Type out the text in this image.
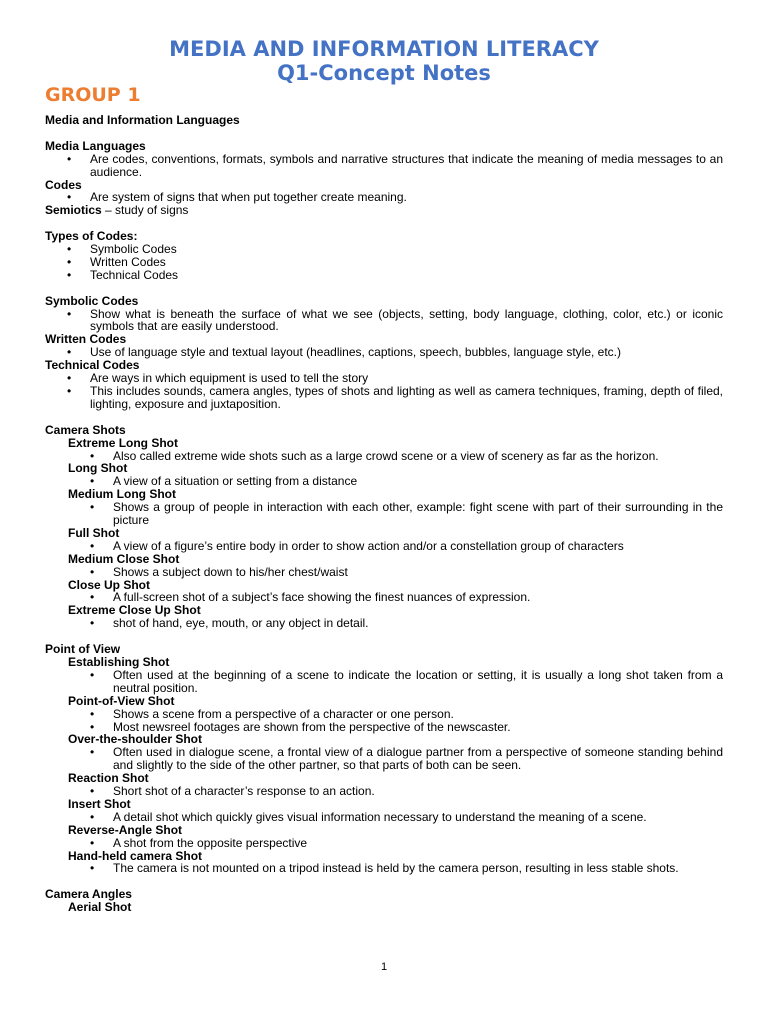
MEDIA AND INFORMATION LITERACY
Q1-Concept Notes
GROUP 1
Media and Information Languages
Media Languages
• Are codes, conventions, formats, symbols and narrative structures that indicate the meaning of media messages to an audience.
Codes
• Are system of signs that when put together create meaning.
Semiotics – study of signs
Types of Codes:
• Symbolic Codes
• Written Codes
• Technical Codes
Symbolic Codes
• Show what is beneath the surface of what we see (objects, setting, body language, clothing, color, etc.) or iconic symbols that are easily understood.
Written Codes
• Use of language style and textual layout (headlines, captions, speech, bubbles, language style, etc.)
Technical Codes
• Are ways in which equipment is used to tell the story
• This includes sounds, camera angles, types of shots and lighting as well as camera techniques, framing, depth of filed, lighting, exposure and juxtaposition.
Camera Shots
Extreme Long Shot
• Also called extreme wide shots such as a large crowd scene or a view of scenery as far as the horizon.
Long Shot
• A view of a situation or setting from a distance
Medium Long Shot
• Shows a group of people in interaction with each other, example: fight scene with part of their surrounding in the picture
Full Shot
• A view of a figure’s entire body in order to show action and/or a constellation group of characters
Medium Close Shot
• Shows a subject down to his/her chest/waist
Close Up Shot
• A full-screen shot of a subject’s face showing the finest nuances of expression.
Extreme Close Up Shot
• shot of hand, eye, mouth, or any object in detail.
Point of View
Establishing Shot
• Often used at the beginning of a scene to indicate the location or setting, it is usually a long shot taken from a neutral position.
Point-of-View Shot
• Shows a scene from a perspective of a character or one person.
• Most newsreel footages are shown from the perspective of the newscaster.
Over-the-shoulder Shot
• Often used in dialogue scene, a frontal view of a dialogue partner from a perspective of someone standing behind and slightly to the side of the other partner, so that parts of both can be seen.
Reaction Shot
• Short shot of a character’s response to an action.
Insert Shot
• A detail shot which quickly gives visual information necessary to understand the meaning of a scene.
Reverse-Angle Shot
• A shot from the opposite perspective
Hand-held camera Shot
• The camera is not mounted on a tripod instead is held by the camera person, resulting in less stable shots.
Camera Angles
Aerial Shot
1
